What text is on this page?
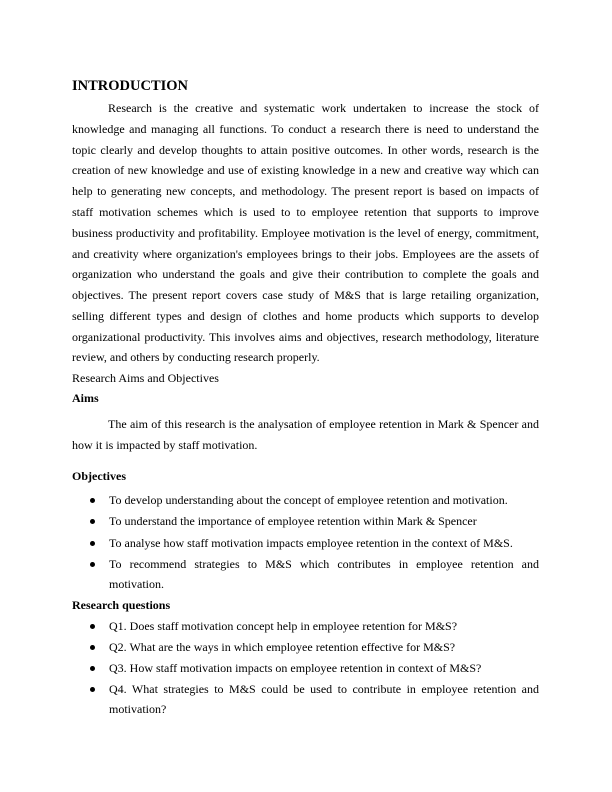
INTRODUCTION
Research is the creative and systematic work undertaken to increase the stock of
knowledge and managing all functions. To conduct a research there is need to understand the
topic clearly and develop thoughts to attain positive outcomes. In other words, research is the
creation of new knowledge and use of existing knowledge in a new and creative way which can
help to generating new concepts, and methodology. The present report is based on impacts of
staff motivation schemes which is used to to employee retention that supports to improve
business productivity and profitability. Employee motivation is the level of energy, commitment,
and creativity where organization's employees brings to their jobs. Employees are the assets of
organization who understand the goals and give their contribution to complete the goals and
objectives. The present report covers case study of M&S that is large retailing organization,
selling different types and design of clothes and home products which supports to develop
organizational productivity. This involves aims and objectives, research methodology, literature
review, and others by conducting research properly.
Research Aims and Objectives
Aims
The aim of this research is the analysation of employee retention in Mark & Spencer and
how it is impacted by staff motivation.
Objectives
To develop understanding about the concept of employee retention and motivation.
To understand the importance of employee retention within Mark & Spencer
To analyse how staff motivation impacts employee retention in the context of M&S.
To recommend strategies to M&S which contributes in employee retention and
motivation.
Research questions
Q1. Does staff motivation concept help in employee retention for M&S?
Q2. What are the ways in which employee retention effective for M&S?
Q3. How staff motivation impacts on employee retention in context of M&S?
Q4. What strategies to M&S could be used to contribute in employee retention and
motivation?
